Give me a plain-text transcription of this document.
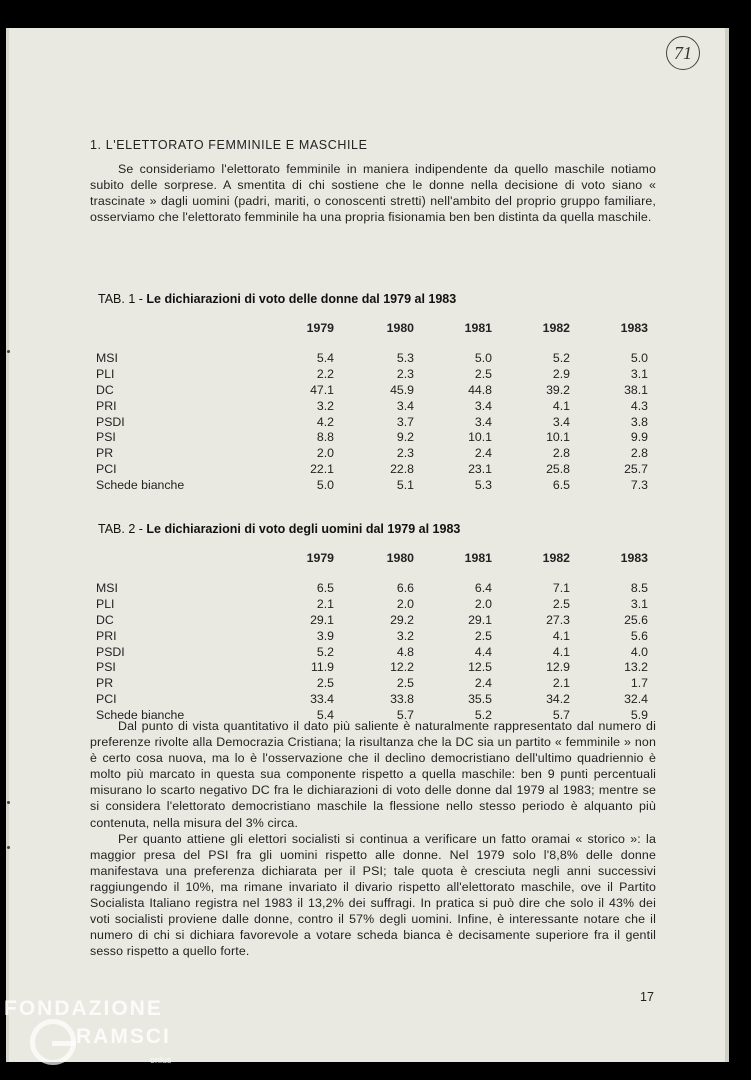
71
1. L'ELETTORATO FEMMINILE E MASCHILE

Se consideriamo l'elettorato femminile in maniera indipendente da quello maschile notiamo subito delle sorprese. A smentita di chi sostiene che le donne nella decisione di voto siano « trascinate » dagli uomini (padri, mariti, o conoscenti stretti) nell'ambito del proprio gruppo familiare, osserviamo che l'elettorato femminile ha una propria fisionamia ben ben distinta da quella maschile.

TAB. 1 - Le dichiarazioni di voto delle donne dal 1979 al 1983
1979	1980	1981	1982	1983
MSI	5.4	5.3	5.0	5.2	5.0
PLI	2.2	2.3	2.5	2.9	3.1
DC	47.1	45.9	44.8	39.2	38.1
PRI	3.2	3.4	3.4	4.1	4.3
PSDI	4.2	3.7	3.4	3.4	3.8
PSI	8.8	9.2	10.1	10.1	9.9
PR	2.0	2.3	2.4	2.8	2.8
PCI	22.1	22.8	23.1	25.8	25.7
Schede bianche	5.0	5.1	5.3	6.5	7.3
TAB. 2 - Le dichiarazioni di voto degli uomini dal 1979 al 1983
1979	1980	1981	1982	1983
MSI	6.5	6.6	6.4	7.1	8.5
PLI	2.1	2.0	2.0	2.5	3.1
DC	29.1	29.2	29.1	27.3	25.6
PRI	3.9	3.2	2.5	4.1	5.6
PSDI	5.2	4.8	4.4	4.1	4.0
PSI	11.9	12.2	12.5	12.9	13.2
PR	2.5	2.5	2.4	2.1	1.7
PCI	33.4	33.8	35.5	34.2	32.4
Schede bianche	5.4	5.7	5.2	5.7	5.9

Dal punto di vista quantitativo il dato più saliente è naturalmente rappresentato dal numero di preferenze rivolte alla Democrazia Cristiana; la risultanza che la DC sia un partito « femminile » non è certo cosa nuova, ma lo è l'osservazione che il declino democristiano dell'ultimo quadriennio è molto più marcato in questa sua componente rispetto a quella maschile: ben 9 punti percentuali misurano lo scarto negativo DC fra le dichiarazioni di voto delle donne dal 1979 al 1983; mentre se si considera l'elettorato democristiano maschile la flessione nello stesso periodo è alquanto più contenuta, nella misura del 3% circa.

Per quanto attiene gli elettori socialisti si continua a verificare un fatto oramai « storico »: la maggior presa del PSI fra gli uomini rispetto alle donne. Nel 1979 solo l'8,8% delle donne manifestava una preferenza dichiarata per il PSI; tale quota è cresciuta negli anni successivi raggiungendo il 10%, ma rimane invariato il divario rispetto all'elettorato maschile, ove il Partito Socialista Italiano registra nel 1983 il 13,2% dei suffragi. In pratica si può dire che solo il 43% dei voti socialisti proviene dalle donne, contro il 57% degli uomini. Infine, è interessante notare che il numero di chi si dichiara favorevole a votare scheda bianca è decisamente superiore fra il gentil sesso rispetto a quello forte.

17
FONDAZIONE
RAMSCI
onlus
